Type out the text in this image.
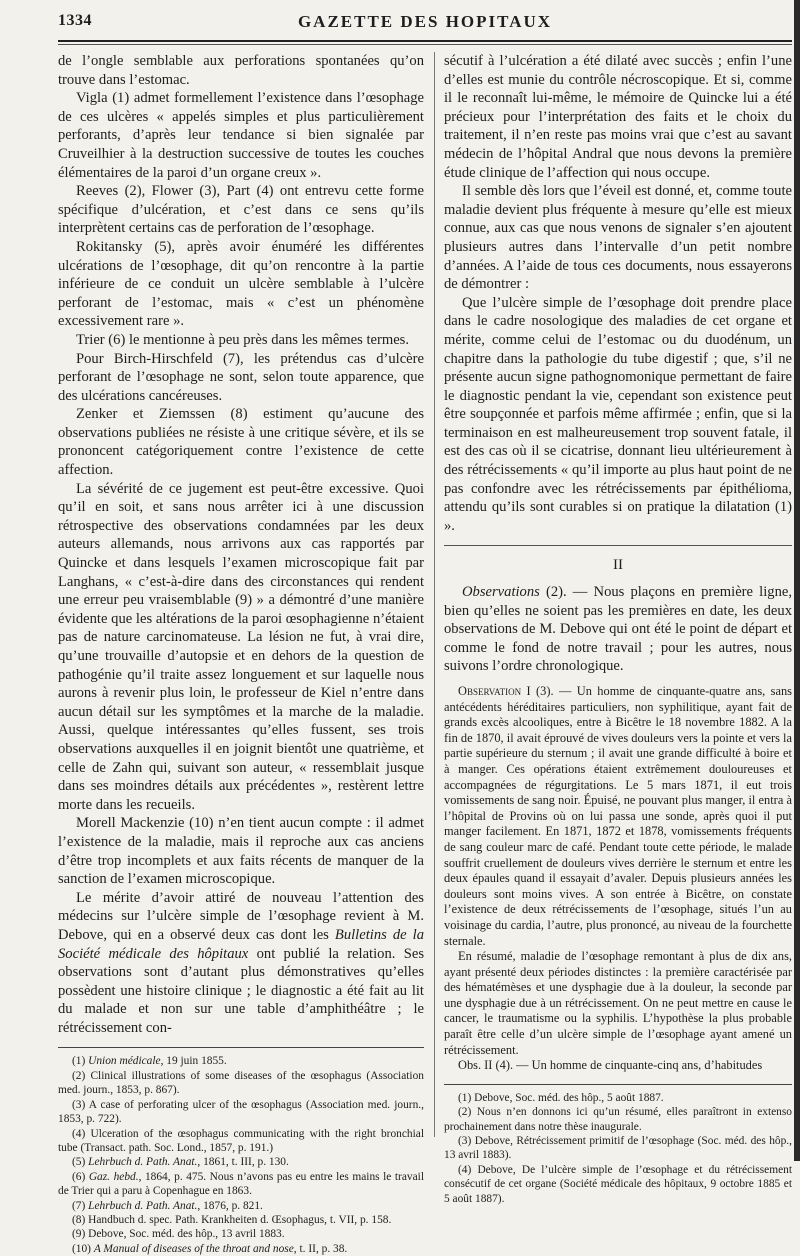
1334	GAZETTE DES HOPITAUX

de l’ongle semblable aux perforations spontanées qu’on trouve dans l’estomac.

Vigla (1) admet formellement l’existence dans l’œsophage de ces ulcères « appelés simples et plus particulièrement perforants, d’après leur tendance si bien signalée par Cruveilhier à la destruction successive de toutes les couches élémentaires de la paroi d’un organe creux ».

Reeves (2), Flower (3), Part (4) ont entrevu cette forme spécifique d’ulcération, et c’est dans ce sens qu’ils interprètent certains cas de perforation de l’œsophage.

Rokitansky (5), après avoir énuméré les différentes ulcérations de l’œsophage, dit qu’on rencontre à la partie inférieure de ce conduit un ulcère semblable à l’ulcère perforant de l’estomac, mais « c’est un phénomène excessivement rare ».

Trier (6) le mentionne à peu près dans les mêmes termes.

Pour Birch-Hirschfeld (7), les prétendus cas d’ulcère perforant de l’œsophage ne sont, selon toute apparence, que des ulcérations cancéreuses.

Zenker et Ziemssen (8) estiment qu’aucune des observations publiées ne résiste à une critique sévère, et ils se prononcent catégoriquement contre l’existence de cette affection.

La sévérité de ce jugement est peut-être excessive. Quoi qu’il en soit, et sans nous arrêter ici à une discussion rétrospective des observations condamnées par les deux auteurs allemands, nous arrivons aux cas rapportés par Quincke et dans lesquels l’examen microscopique fait par Langhans, « c’est-à-dire dans des circonstances qui rendent une erreur peu vraisemblable (9) » a démontré d’une manière évidente que les altérations de la paroi œsophagienne n’étaient pas de nature carcinomateuse. La lésion ne fut, à vrai dire, qu’une trouvaille d’autopsie et en dehors de la question de pathogénie qu’il traite assez longuement et sur laquelle nous aurons à revenir plus loin, le professeur de Kiel n’entre dans aucun détail sur les symptômes et la marche de la maladie. Aussi, quelque intéressantes qu’elles fussent, ses trois observations auxquelles il en joignit bientôt une quatrième, et celle de Zahn qui, suivant son auteur, « ressemblait jusque dans ses moindres détails aux précédentes », restèrent lettre morte dans les recueils.

Morell Mackenzie (10) n’en tient aucun compte : il admet l’existence de la maladie, mais il reproche aux cas anciens d’être trop incomplets et aux faits récents de manquer de la sanction de l’examen microscopique.

Le mérite d’avoir attiré de nouveau l’attention des médecins sur l’ulcère simple de l’œsophage revient à M. Debove, qui en a observé deux cas dont les Bulletins de la Société médicale des hôpitaux ont publié la relation. Ses observations sont d’autant plus démonstratives qu’elles possèdent une histoire clinique ; le diagnostic a été fait au lit du malade et non sur une table d’amphithéâtre ; le rétrécissement con-

(1) Union médicale, 19 juin 1855.

(2) Clinical illustrations of some diseases of the œsophagus (Association med. journ., 1853, p. 867).

(3) A case of perforating ulcer of the œsophagus (Association med. journ., 1853, p. 722).

(4) Ulceration of the œsophagus communicating with the right bronchial tube (Transact. path. Soc. Lond., 1857, p. 191.)

(5) Lehrbuch d. Path. Anat., 1861, t. III, p. 130.

(6) Gaz. hebd., 1864, p. 475. Nous n’avons pas eu entre les mains le travail de Trier qui a paru à Copenhague en 1863.

(7) Lehrbuch d. Path. Anat., 1876, p. 821.

(8) Handbuch d. spec. Path. Krankheiten d. Œsophagus, t. VII, p. 158.

(9) Debove, Soc. méd. des hôp., 13 avril 1883.

(10) A Manual of diseases of the throat and nose, t. II, p. 38.

sécutif à l’ulcération a été dilaté avec succès ; enfin l’une d’elles est munie du contrôle nécroscopique. Et si, comme il le reconnaît lui-même, le mémoire de Quincke lui a été précieux pour l’interprétation des faits et le choix du traitement, il n’en reste pas moins vrai que c’est au savant médecin de l’hôpital Andral que nous devons la première étude clinique de l’affection qui nous occupe.

Il semble dès lors que l’éveil est donné, et, comme toute maladie devient plus fréquente à mesure qu’elle est mieux connue, aux cas que nous venons de signaler s’en ajoutent plusieurs autres dans l’intervalle d’un petit nombre d’années. A l’aide de tous ces documents, nous essayerons de démontrer :

Que l’ulcère simple de l’œsophage doit prendre place dans le cadre nosologique des maladies de cet organe et mérite, comme celui de l’estomac ou du duodénum, un chapitre dans la pathologie du tube digestif ; que, s’il ne présente aucun signe pathognomonique permettant de faire le diagnostic pendant la vie, cependant son existence peut être soupçonnée et parfois même affirmée ; enfin, que si la terminaison en est malheureusement trop souvent fatale, il est des cas où il se cicatrise, donnant lieu ultérieurement à des rétrécissements « qu’il importe au plus haut point de ne pas confondre avec les rétrécissements par épithélioma, attendu qu’ils sont curables si on pratique la dilatation (1) ».

II

Observations (2). — Nous plaçons en première ligne, bien qu’elles ne soient pas les premières en date, les deux observations de M. Debove qui ont été le point de départ et comme le fond de notre travail ; pour les autres, nous suivons l’ordre chronologique.

Observation I (3). — Un homme de cinquante-quatre ans, sans antécédents héréditaires particuliers, non syphilitique, ayant fait de grands excès alcooliques, entre à Bicêtre le 18 novembre 1882. A la fin de 1870, il avait éprouvé de vives douleurs vers la pointe et vers la partie supérieure du sternum ; il avait une grande difficulté à boire et à manger. Ces opérations étaient extrêmement douloureuses et accompagnées de régurgitations. Le 5 mars 1871, il eut trois vomissements de sang noir. Épuisé, ne pouvant plus manger, il entra à l’hôpital de Provins où on lui passa une sonde, après quoi il put manger facilement. En 1871, 1872 et 1878, vomissements fréquents de sang couleur marc de café. Pendant toute cette période, le malade souffrit cruellement de douleurs vives derrière le sternum et entre les deux épaules quand il essayait d’avaler. Depuis plusieurs années les douleurs sont moins vives. A son entrée à Bicêtre, on constate l’existence de deux rétrécissements de l’œsophage, situés l’un au voisinage du cardia, l’autre, plus prononcé, au niveau de la fourchette sternale.

En résumé, maladie de l’œsophage remontant à plus de dix ans, ayant présenté deux périodes distinctes : la première caractérisée par des hématémèses et une dysphagie due à la douleur, la seconde par une dysphagie due à un rétrécissement. On ne peut mettre en cause le cancer, le traumatisme ou la syphilis. L’hypothèse la plus probable paraît être celle d’un ulcère simple de l’œsophage ayant amené un rétrécissement.

Obs. II (4). — Un homme de cinquante-cinq ans, d’habitudes

(1) Debove, Soc. méd. des hôp., 5 août 1887.

(2) Nous n’en donnons ici qu’un résumé, elles paraîtront in extenso prochainement dans notre thèse inaugurale.

(3) Debove, Rétrécissement primitif de l’œsophage (Soc. méd. des hôp., 13 avril 1883).

(4) Debove, De l’ulcère simple de l’œsophage et du rétrécissement consécutif de cet organe (Société médicale des hôpitaux, 9 octobre 1885 et 5 août 1887).
